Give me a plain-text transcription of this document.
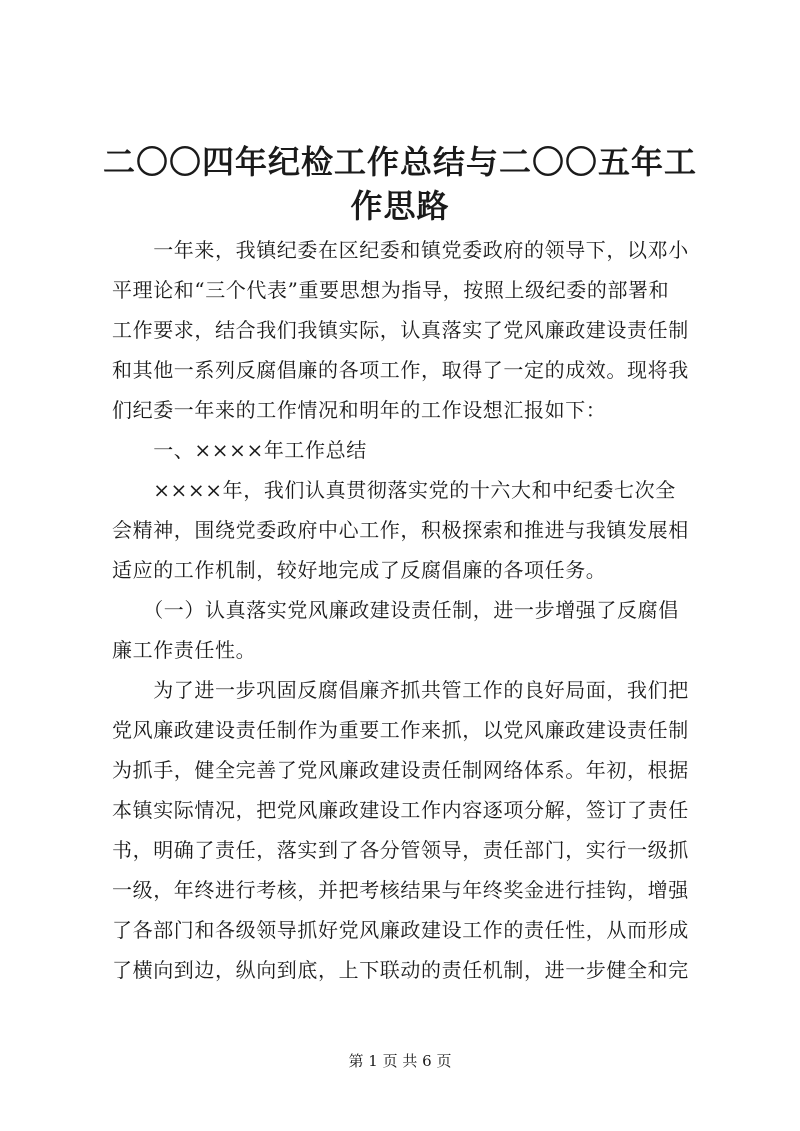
二〇〇四年纪检工作总结与二〇〇五年工作思路

　　一年来，我镇纪委在区纪委和镇党委政府的领导下，以邓小

平理论和“三个代表”重要思想为指导，按照上级纪委的部署和

工作要求，结合我们我镇实际，认真落实了党风廉政建设责任制

和其他一系列反腐倡廉的各项工作，取得了一定的成效。现将我

们纪委一年来的工作情况和明年的工作设想汇报如下：

　　一、××××年工作总结

　　××××年，我们认真贯彻落实党的十六大和中纪委七次全

会精神，围绕党委政府中心工作，积极探索和推进与我镇发展相

适应的工作机制，较好地完成了反腐倡廉的各项任务。

　　（一）认真落实党风廉政建设责任制，进一步增强了反腐倡

廉工作责任性。

　　为了进一步巩固反腐倡廉齐抓共管工作的良好局面，我们把

党风廉政建设责任制作为重要工作来抓，以党风廉政建设责任制

为抓手，健全完善了党风廉政建设责任制网络体系。年初，根据

本镇实际情况，把党风廉政建设工作内容逐项分解，签订了责任

书，明确了责任，落实到了各分管领导，责任部门，实行一级抓

一级，年终进行考核，并把考核结果与年终奖金进行挂钩，增强

了各部门和各级领导抓好党风廉政建设工作的责任性，从而形成

了横向到边，纵向到底，上下联动的责任机制，进一步健全和完

第 1 页 共 6 页
